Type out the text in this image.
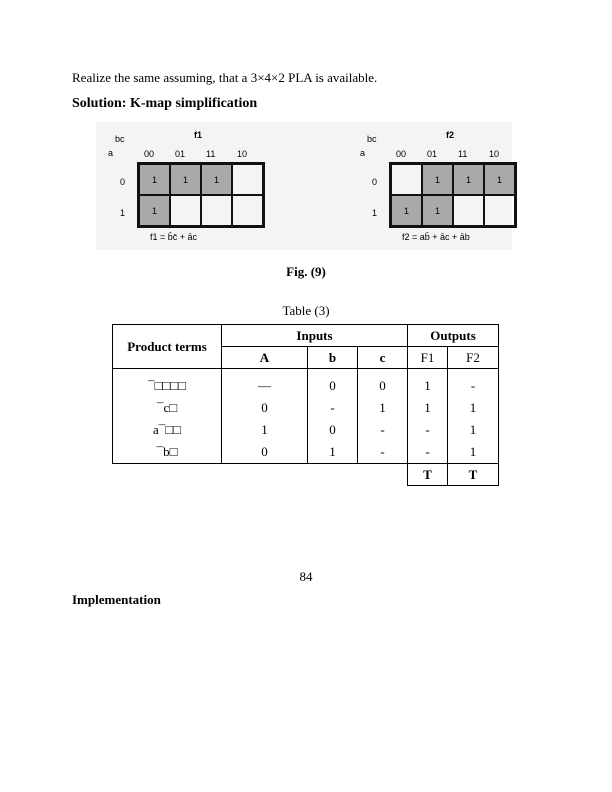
Realize the same assuming, that a 3×4×2 PLA is available.
Solution: K-map simplification
f1
bc
a	00 01 11 10
0
1
1	1	1
1
f1 = b̄c̄ + āc
f2
bc
a	00 01 11 10
0
1
1	1	1
1	1
f2 = ab̄ + āc + āb
Fig. (9)
Table (3)
Product terms	Inputs	Outputs
A	b	c	F1	F2
¯□□□□	—	0	0	1	-
¯c□	0	-	1	1	1
a¯□□	1	0	-	-	1
¯b□	0	1	-	-	1
	T	T
84
Implementation
